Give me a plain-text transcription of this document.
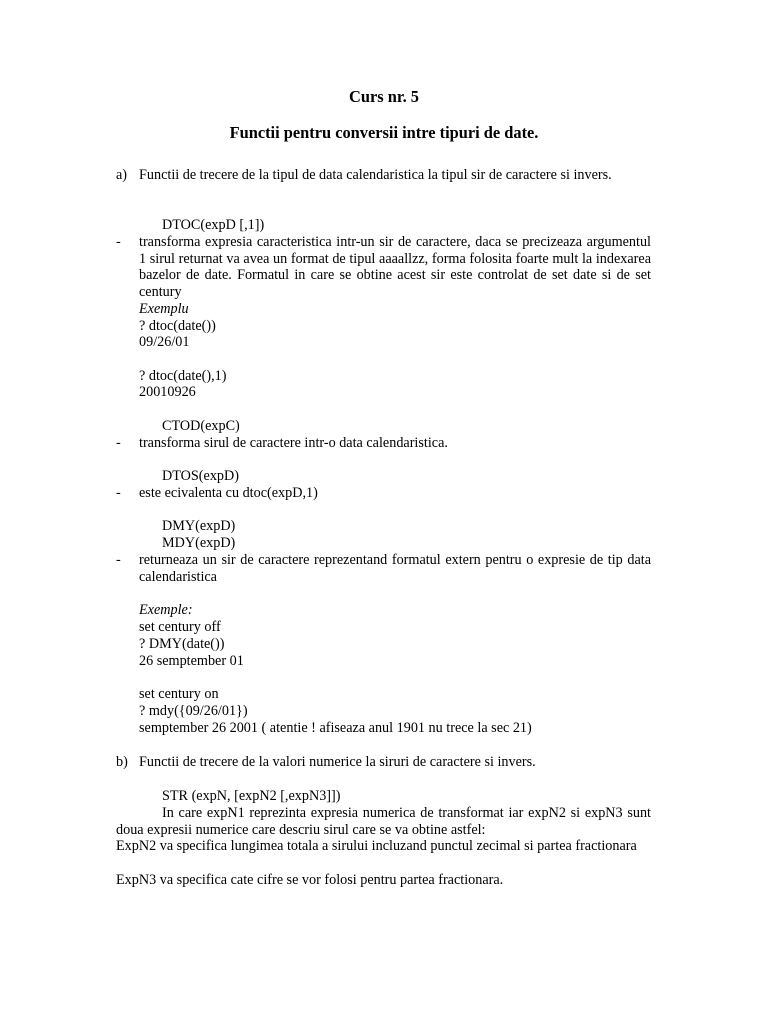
Curs nr. 5
Functii pentru conversii intre tipuri de date.
a) Functii de trecere de la tipul de data calendaristica la tipul sir de caractere si invers.
DTOC(expD [,1])
- transforma expresia caracteristica intr-un sir de caractere, daca se precizeaza argumentul 1 sirul returnat va avea un format de tipul aaaallzz, forma folosita foarte mult la indexarea bazelor de date. Formatul in care se obtine acest sir este controlat de set date si de set century
Exemplu
? dtoc(date())
09/26/01
? dtoc(date(),1)
20010926
CTOD(expC)
- transforma sirul de caractere intr-o data calendaristica.
DTOS(expD)
- este ecivalenta cu dtoc(expD,1)
DMY(expD)
MDY(expD)
- returneaza un sir de caractere reprezentand formatul extern pentru o expresie de tip data calendaristica
Exemple:
set century off
? DMY(date())
26 semptember 01
set century on
? mdy({09/26/01})
semptember 26 2001 ( atentie ! afiseaza anul 1901 nu trece la sec 21)
b) Functii de trecere de la valori numerice la siruri de caractere si invers.
STR (expN, [expN2 [,expN3]])
In care expN1 reprezinta expresia numerica de transformat iar expN2 si expN3 sunt doua expresii numerice care descriu sirul care se va obtine astfel:
ExpN2 va specifica lungimea totala a sirului incluzand punctul zecimal si partea fractionara
ExpN3 va specifica cate cifre se vor folosi pentru partea fractionara.
